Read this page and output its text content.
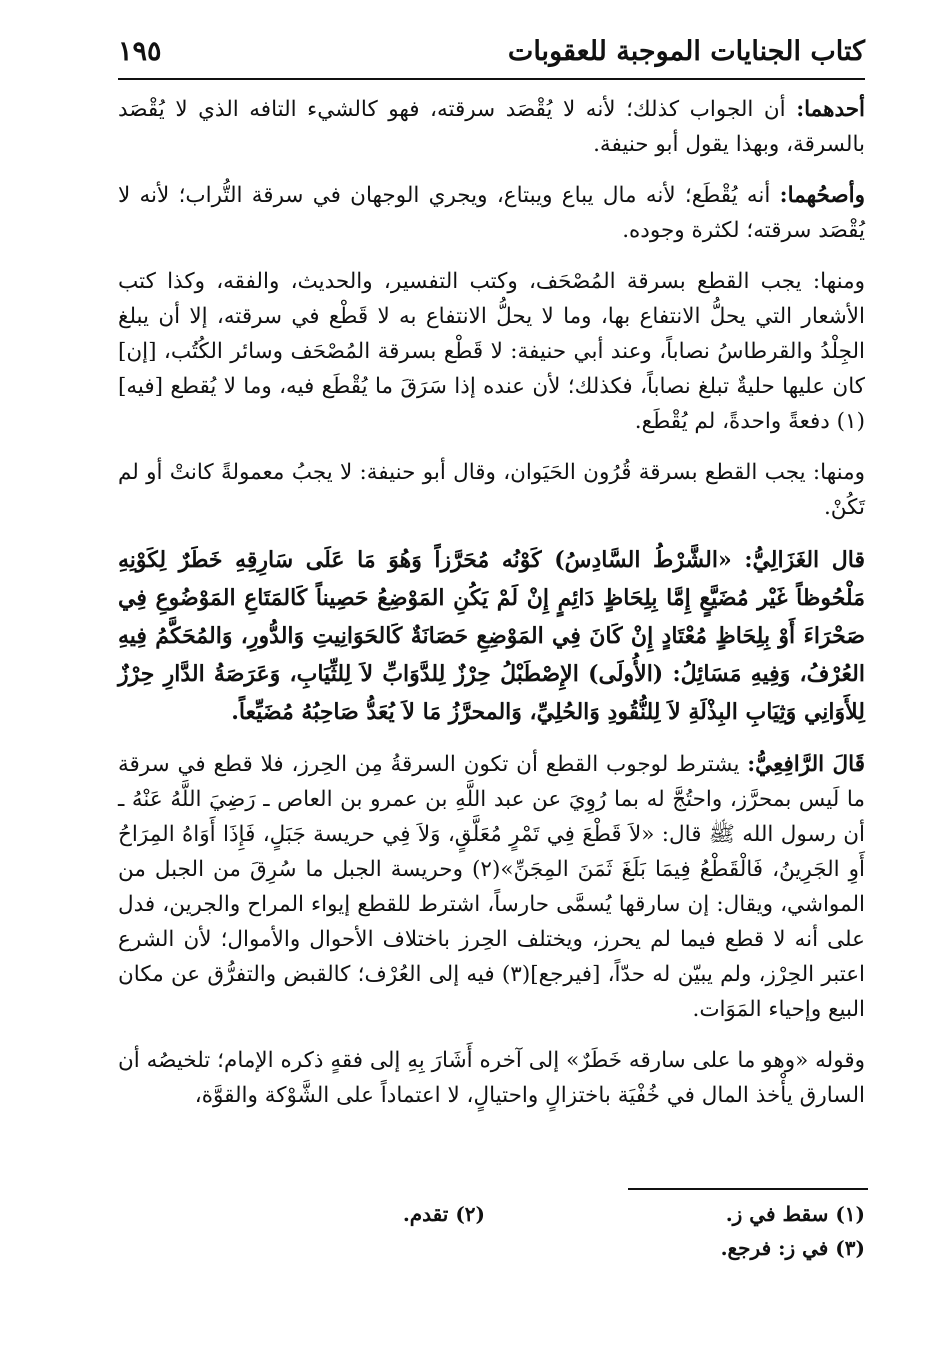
كتاب الجنايات الموجبة للعقوبات
١٩٥

أحدهما: أن الجواب كذلك؛ لأنه لا يُقْصَد سرقته، فهو كالشيء التافه الذي لا يُقْصَد بالسرقة، وبهذا يقول أبو حنيفة.

وأصحُهما: أنه يُقْطَع؛ لأنه مال يباع ويبتاع، ويجري الوجهان في سرقة التُّراب؛ لأنه لا يُقْصَد سرقته؛ لكثرة وجوده.

ومنها: يجب القطع بسرقة المُصْحَف، وكتب التفسير، والحديث، والفقه، وكذا كتب الأشعار التي يحلُّ الانتفاع بها، وما لا يحلُّ الانتفاع به لا قَطْع في سرقته، إلا أن يبلغ الجِلْدُ والقرطاسُ نصاباً، وعند أبي حنيفة: لا قَطْع بسرقة المُصْحَف وسائر الكُتُب، [إن] كان عليها حليةٌ تبلغ نصاباً، فكذلك؛ لأن عنده إذا سَرَقَ ما يُقْطَع فيه، وما لا يُقطع [فيه](١) دفعةً واحدةً، لم يُقْطَع.

ومنها: يجب القطع بسرقة قُرُون الحَيَوان، وقال أبو حنيفة: لا يجبُ معمولةً كانتْ أو لم تَكُنْ.

قال الغَزَالِيُّ: «الشَّرْطُ السَّادِسُ) كَوْنُه مُحَرَّزاً وَهُوَ مَا عَلَى سَارِقِهِ خَطَرٌ لِكَوْنِهِ مَلْحُوظاً غَيْر مُضَيَّعٍ إِمَّا بِلِحَاظٍ دَائِمٍ إِنْ لَمْ يَكُنِ المَوْضِعُ حَصِيناً كَالمَتَاعِ المَوْضُوعِ فِي صَحْرَاءَ أَوْ بِلِحَاظٍ مُعْتَادٍ إِنْ كَانَ فِي المَوْضِعِ حَصَانَةٌ كَالحَوَانِيتِ وَالدُّورِ، وَالمُحَكَّمُ فِيهِ العُرْفُ، وَفِيهِ مَسَائِلُ: (الأُولَى) الإِصْطَبْلُ حِرْزٌ لِلدَّوَابِّ لاَ لِلثِّيَابِ، وَعَرَصَةُ الدَّارِ حِرْزٌ لِلأَوَانِي وَثِيَابِ البِذْلَةِ لاَ لِلنُّقُودِ وَالحُلِيِّ، وَالمحرَّزُ مَا لاَ يُعَدُّ صَاحِبُهُ مُضَيِّعاً.

قَالَ الرَّافِعِيُّ: يشترط لوجوب القطع أن تكون السرقةُ مِن الحِرز، فلا قطع في سرقة ما لَيس بمحرَّز، واحتُجَّ له بما رُوِيَ عن عبد اللَّهِ بن عمرو بن العاص ـ رَضِيَ اللَّهُ عَنْهُ ـ أن رسول الله ﷺ قال: «لاَ قَطْعَ فِي تَمْرٍ مُعَلَّقٍ، وَلاَ فِي حريسة جَبَلٍ، فَإِذَا أَوَاهُ المِرَاحُ أَوِ الجَرِينُ، فَالْقَطْعُ فِيمَا بَلَغَ ثَمَنَ المِجَنِّ»(٢) وحريسة الجبل ما سُرِقَ من الجبل من المواشي، ويقال: إن سارقها يُسمَّى حارساً، اشترط للقطع إيواء المراح والجرين، فدل على أنه لا قطع فيما لم يحرز، ويختلف الحِرز باختلاف الأحوال والأموال؛ لأن الشرع اعتبر الحِرْز، ولم يبيّن له حدّاً، [فيرجع](٣) فيه إلى العُرْف؛ كالقبض والتفرُّق عن مكان البيع وإحياء المَوَات.

وقوله «وهو ما على سارقه خَطَرٌ» إلى آخره أَشَارَ بِهِ إلى فقهٍ ذكره الإمام؛ تلخيصُه أن السارق يأْخذ المال في خُفْيَة باختزالٍ واحتيالٍ، لا اعتماداً على الشَّوْكة والقوَّة،

(١) سقط في ز.
(٢) تقدم.
(٣) في ز: فرجع.
